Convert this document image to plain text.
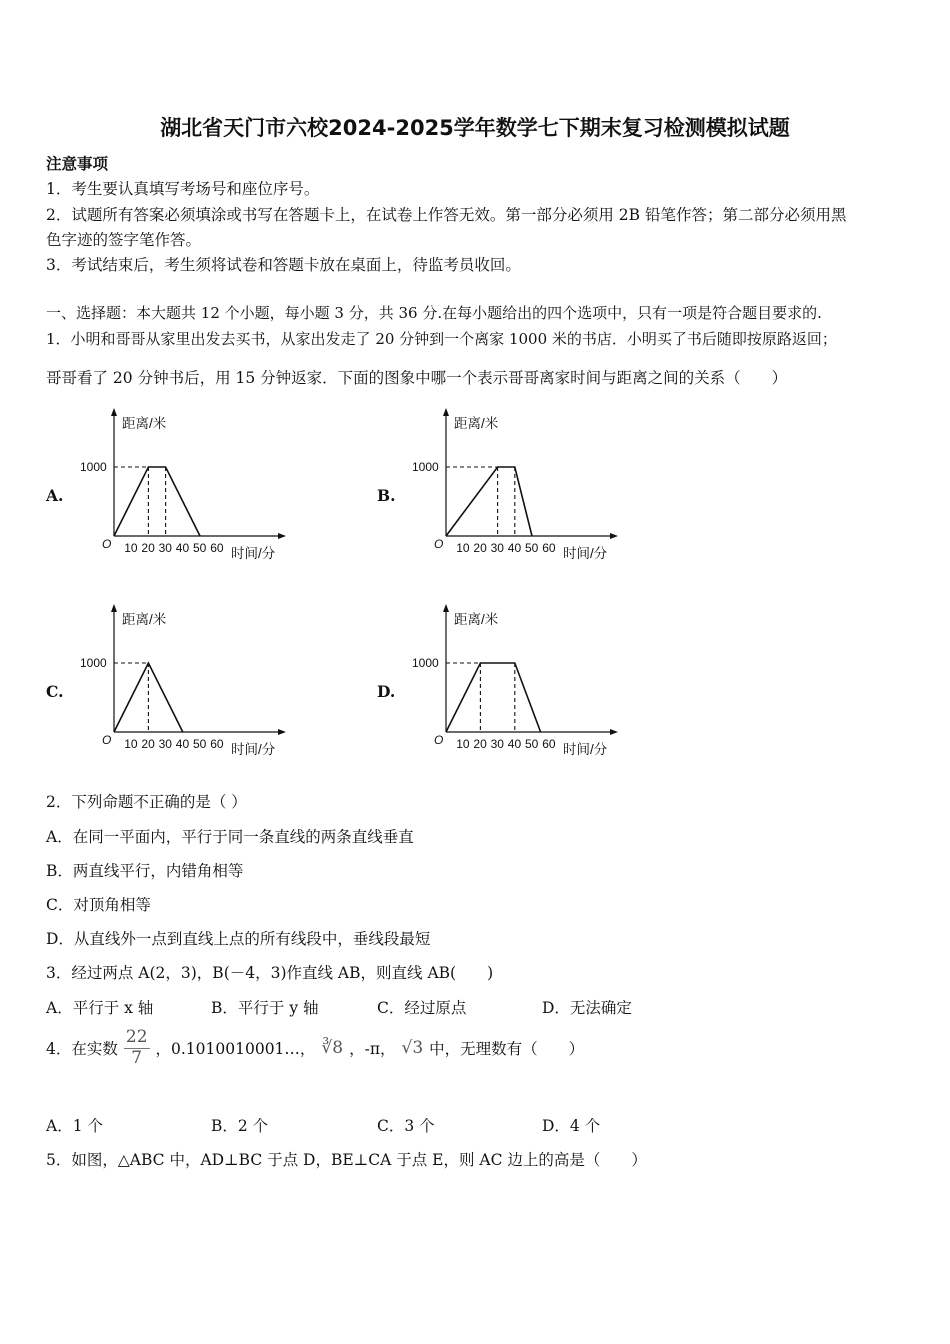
湖北省天门市六校2024-2025学年数学七下期末复习检测模拟试题
注意事项
1．考生要认真填写考场号和座位序号。
2．试题所有答案必须填涂或书写在答题卡上，在试卷上作答无效。第一部分必须用 2B 铅笔作答；第二部分必须用黑
色字迹的签字笔作答。
3．考试结束后，考生须将试卷和答题卡放在桌面上，待监考员收回。
一、选择题：本大题共 12 个小题，每小题 3 分，共 36 分.在每小题给出的四个选项中，只有一项是符合题目要求的.
1．小明和哥哥从家里出发去买书，从家出发走了 20 分钟到一个离家 1000 米的书店．小明买了书后随即按原路返回；
哥哥看了 20 分钟书后，用 15 分钟返家．下面的图象中哪一个表示哥哥离家时间与距离之间的关系（　　）
A.	B.
C.	D.
距离/米
时间/分
O
1000
10 20 30 40 50 60
距离/米
时间/分
O
1000
10 20 30 40 50 60
距离/米
时间/分
O
1000
10 20 30 40 50 60
距离/米
时间/分
O
1000
10 20 30 40 50 60
2．下列命题不正确的是（ ）
A．在同一平面内，平行于同一条直线的两条直线垂直
B．两直线平行，内错角相等
C．对顶角相等
D．从直线外一点到直线上点的所有线段中，垂线段最短
3．经过两点 A(2，3)，B(－4，3)作直线 AB，则直线 AB(　　)
A．平行于 x 轴	B．平行于 y 轴	C．经过原点	D．无法确定
4．在实数 $\frac{22}{7}$ ，0.1010010001…， ∛8 ，-π， √3 中，无理数有（　　）
A．1 个	B．2 个	C．3 个	D．4 个
5．如图，△ABC 中，AD⊥BC 于点 D，BE⊥CA 于点 E，则 AC 边上的高是（　　）
